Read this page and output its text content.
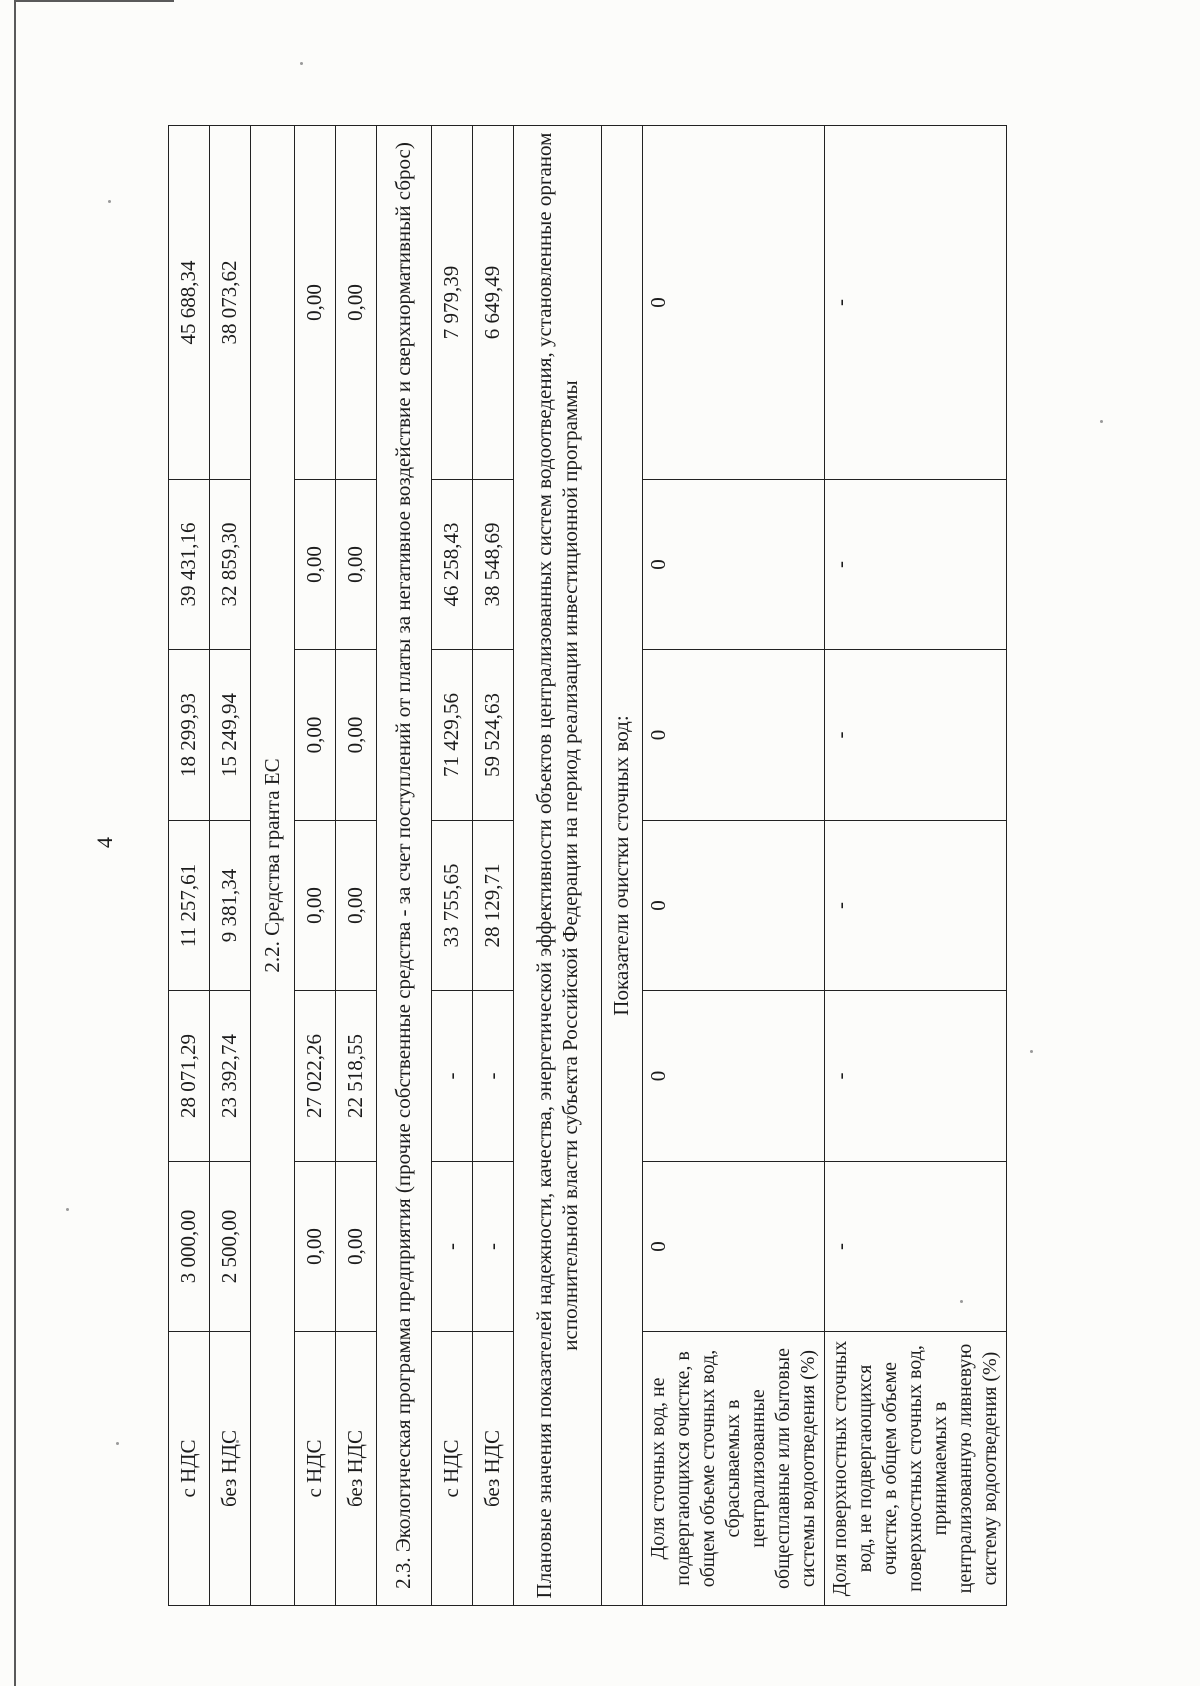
4
с НДС	3 000,00	28 071,29	11 257,61	18 299,93	39 431,16	45 688,34
без НДС	2 500,00	23 392,74	9 381,34	15 249,94	32 859,30	38 073,62
2.2. Средства гранта ЕС						
с НДС	0,00	27 022,26	0,00	0,00	0,00	0,00
без НДС	0,00	22 518,55	0,00	0,00	0,00	0,00
2.3. Экологическая программа предприятия (прочие собственные средства - за счет поступлений от платы за негативное воздействие и сверхнормативный сброс)						
с НДС	-	-	33 755,65	71 429,56	46 258,43	7 979,39
без НДС	-	-	28 129,71	59 524,63	38 548,69	6 649,49
Плановые значения показателей надежности, качества, энергетической эффективности объектов централизованных систем водоотведения, установленные органом исполнительной власти субъекта Российской Федерации на период реализации инвестиционной программы						
Показатели очистки сточных вод:						
Доля сточных вод, не подвергающихся очистке, в общем объеме сточных вод, сбрасываемых в централизованные общесплавные или бытовые системы водоотведения (%)	0	0	0	0	0	0
Доля поверхностных сточных вод, не подвергающихся очистке, в общем объеме поверхностных сточных вод, принимаемых в централизованную ливневую систему водоотведения (%)	-	-	-	-	-	-
